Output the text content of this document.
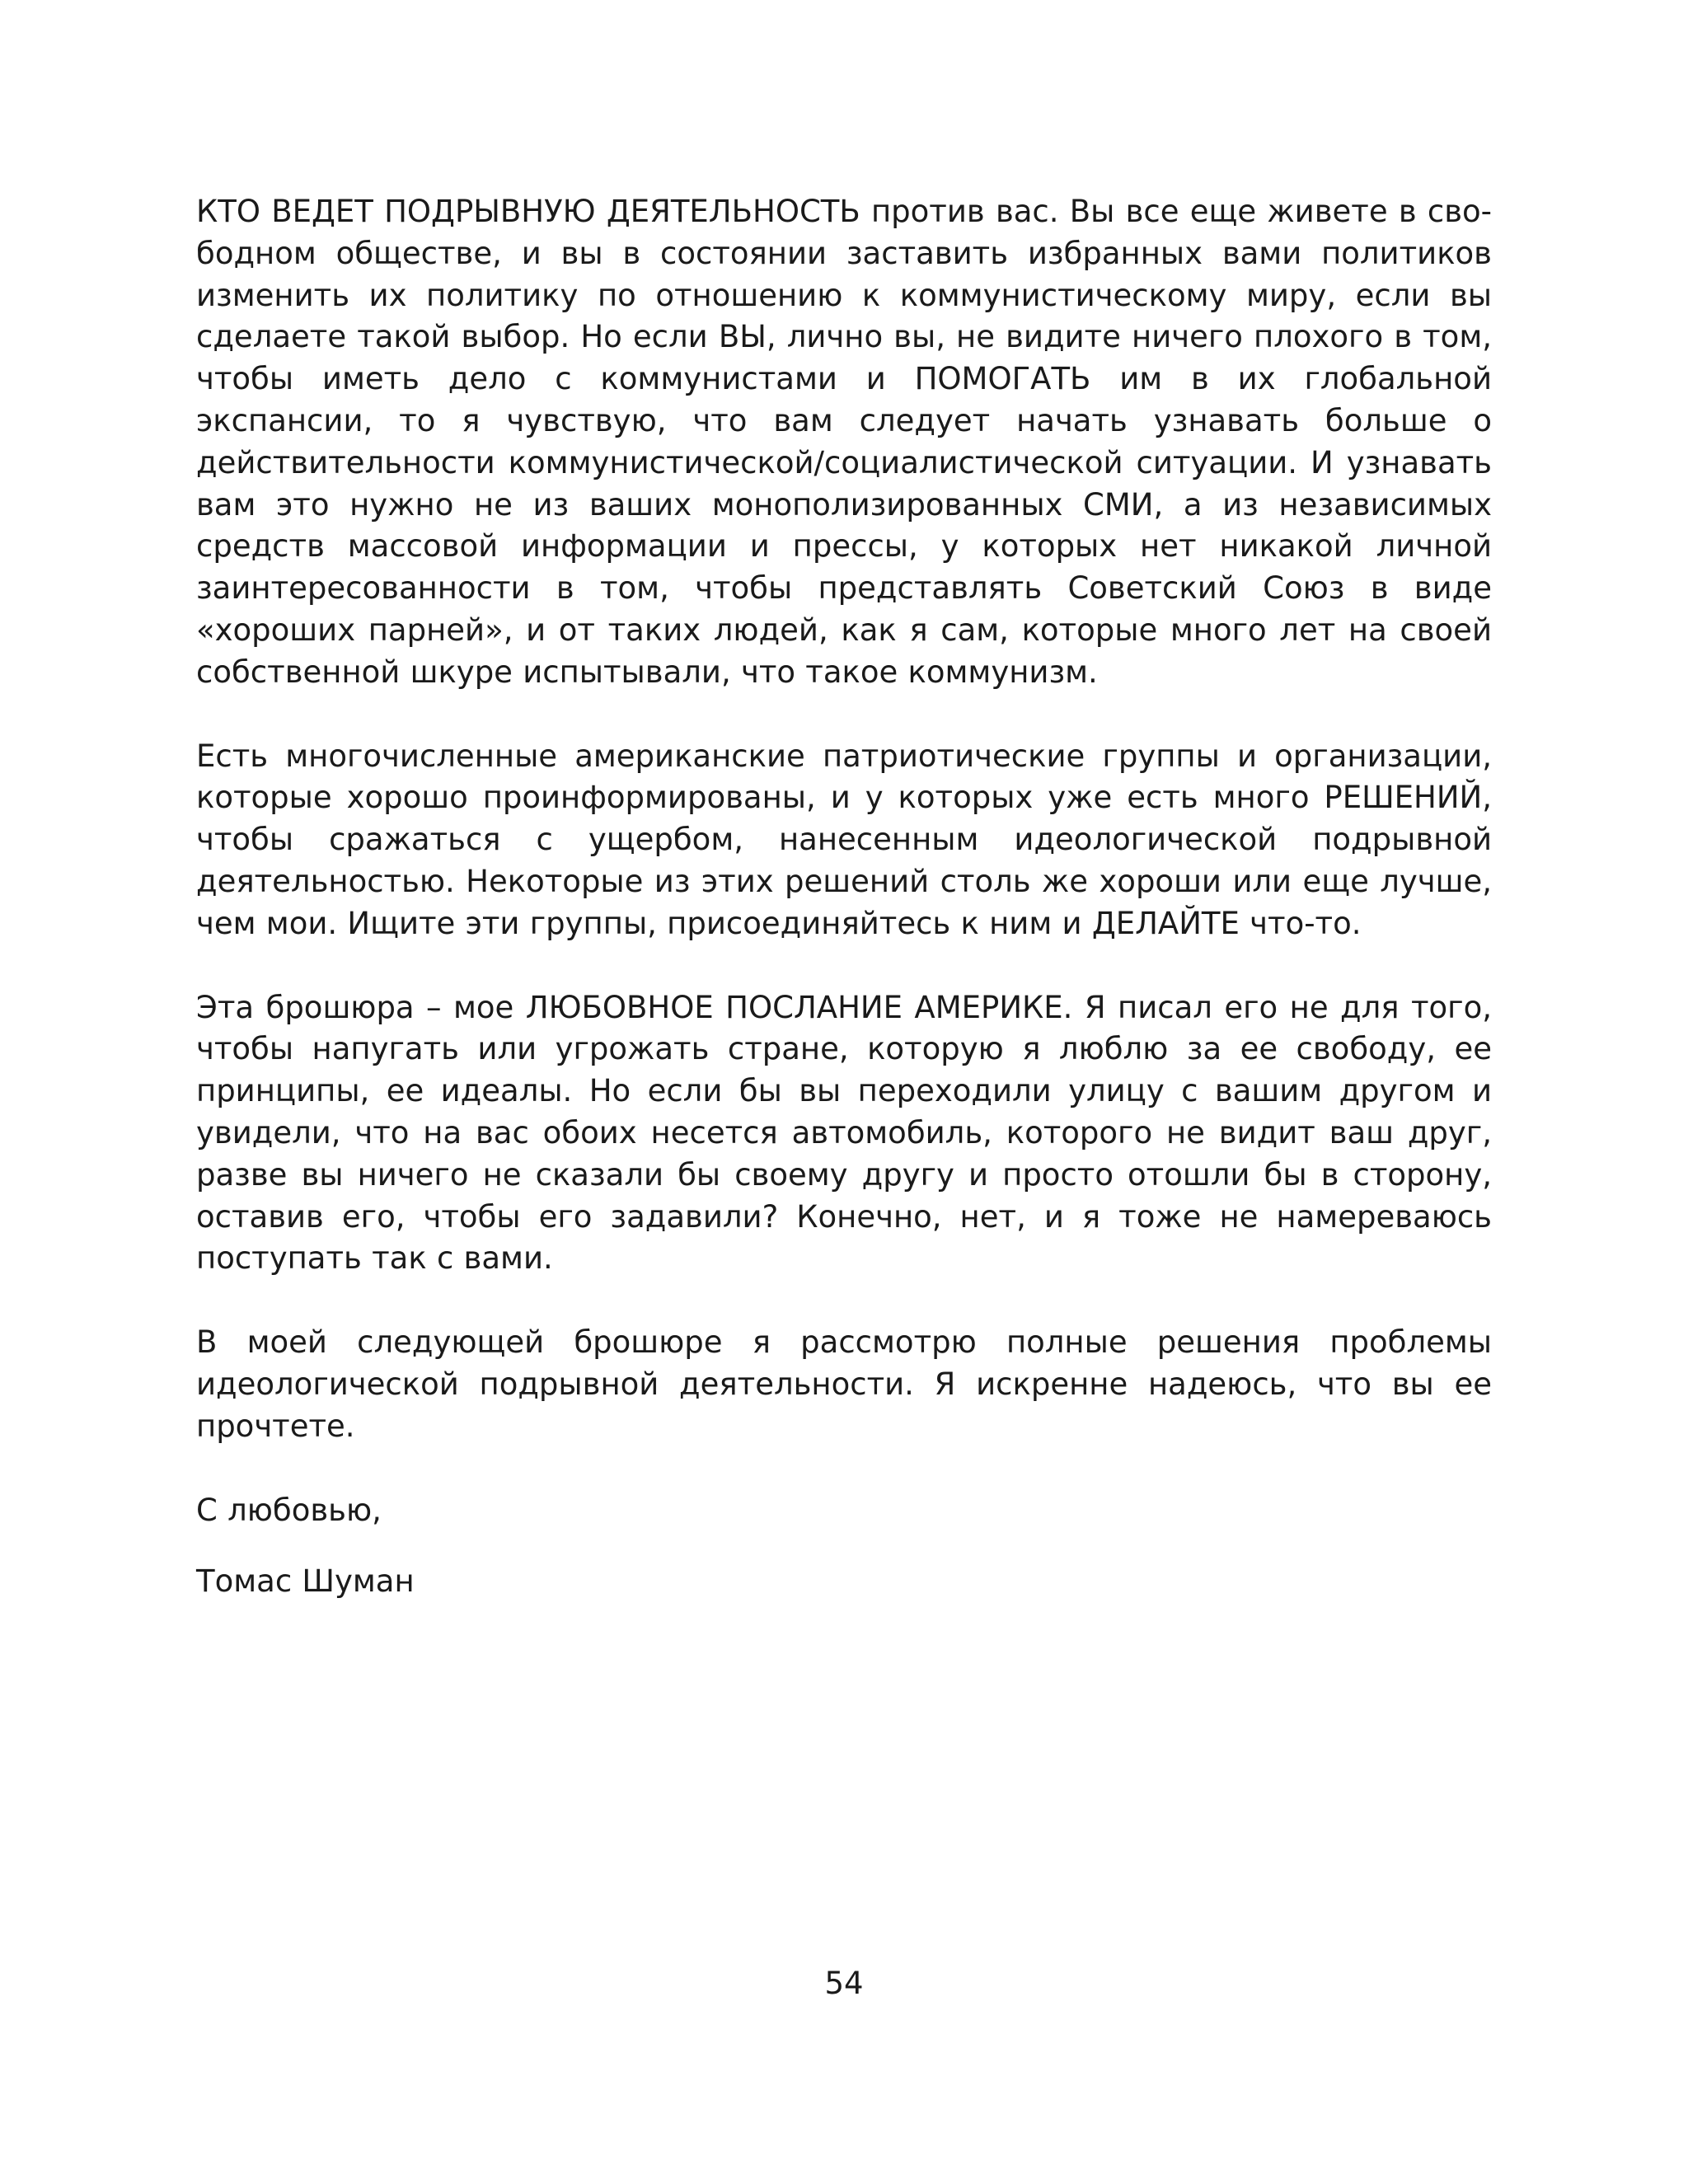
КТО ВЕДЕТ ПОДРЫВНУЮ ДЕЯТЕЛЬНОСТЬ против вас. Вы все еще живете в свободном обществе, и вы в состоянии заставить избранных вами политиков изменить их политику по отношению к коммунистическому миру, если вы сделаете такой выбор. Но если ВЫ, лично вы, не видите ничего плохого в том, чтобы иметь дело с коммунистами и ПОМОГАТЬ им в их глобальной экспансии, то я чувствую, что вам следует начать узнавать больше о действительности коммунистической/социалистической ситуации. И узнавать вам это нужно не из ваших монополизированных СМИ, а из независимых средств массовой информации и прессы, у которых нет никакой личной заинтересованности в том, чтобы представлять Советский Союз в виде «хороших парней», и от таких людей, как я сам, которые много лет на своей собственной шкуре испытывали, что такое коммунизм.

Есть многочисленные американские патриотические группы и организации, которые хорошо проинформированы, и у которых уже есть много РЕШЕНИЙ, чтобы сражаться с ущербом, нанесенным идеологической подрывной деятельностью. Некоторые из этих решений столь же хороши или еще лучше, чем мои. Ищите эти группы, присоединяйтесь к ним и ДЕЛАЙТЕ что-то.

Эта брошюра – мое ЛЮБОВНОЕ ПОСЛАНИЕ АМЕРИКЕ. Я писал его не для того, чтобы напугать или угрожать стране, которую я люблю за ее свободу, ее принципы, ее идеалы. Но если бы вы переходили улицу с вашим другом и увидели, что на вас обоих несется автомобиль, которого не видит ваш друг, разве вы ничего не сказали бы своему другу и просто отошли бы в сторону, оставив его, чтобы его задавили? Конечно, нет, и я тоже не намереваюсь поступать так с вами.

В моей следующей брошюре я рассмотрю полные решения проблемы идеологической подрывной деятельности. Я искренне надеюсь, что вы ее прочтете.

С любовью,

Томас Шуман

54
